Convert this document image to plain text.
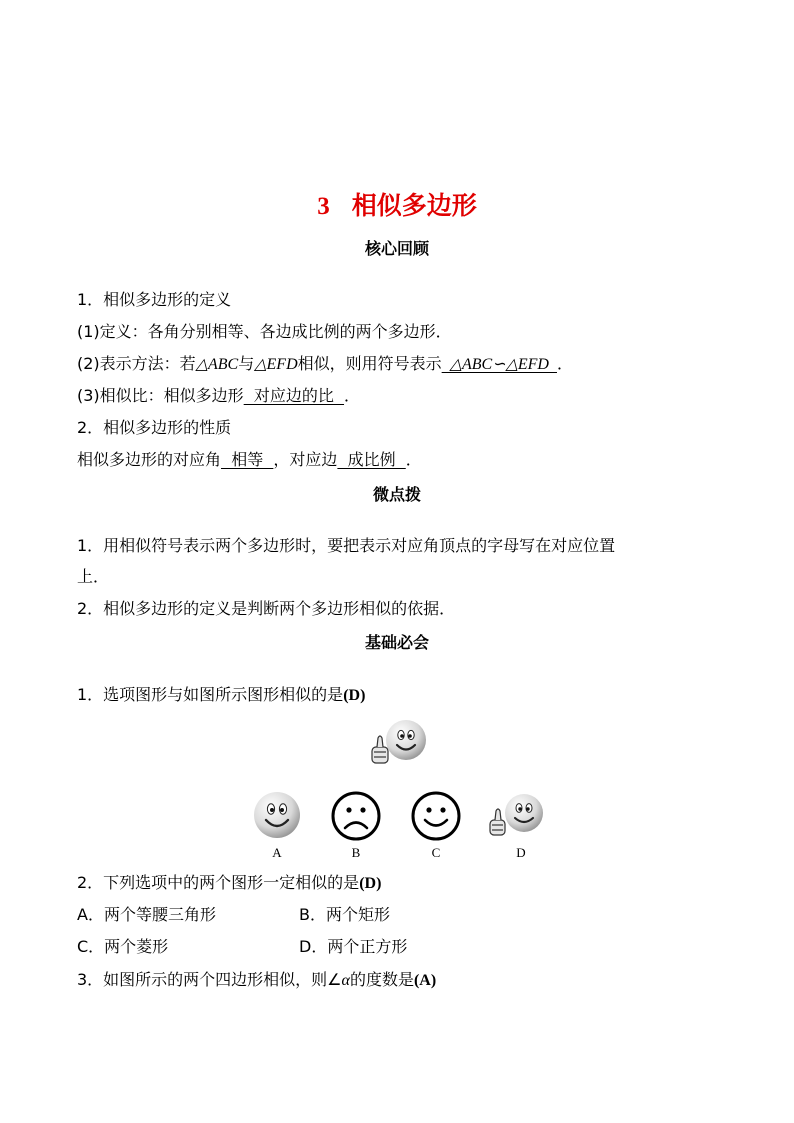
3 相似多边形
核心回顾
1．相似多边形的定义
(1)定义：各角分别相等、各边成比例的两个多边形．
(2)表示方法：若△ABC与△EFD相似，则用符号表示  △ABC∽△EFD  ．
(3)相似比：相似多边形  对应边的比  ．
2．相似多边形的性质
相似多边形的对应角  相等  ，对应边  成比例  ．
微点拨
1．用相似符号表示两个多边形时，要把表示对应角顶点的字母写在对应位置
上．
2．相似多边形的定义是判断两个多边形相似的依据．
基础必会
1．选项图形与如图所示图形相似的是(D)
A	B	C	D
2．下列选项中的两个图形一定相似的是(D)
A．两个等腰三角形	B．两个矩形
C．两个菱形	D．两个正方形
3．如图所示的两个四边形相似，则∠α的度数是(A)
